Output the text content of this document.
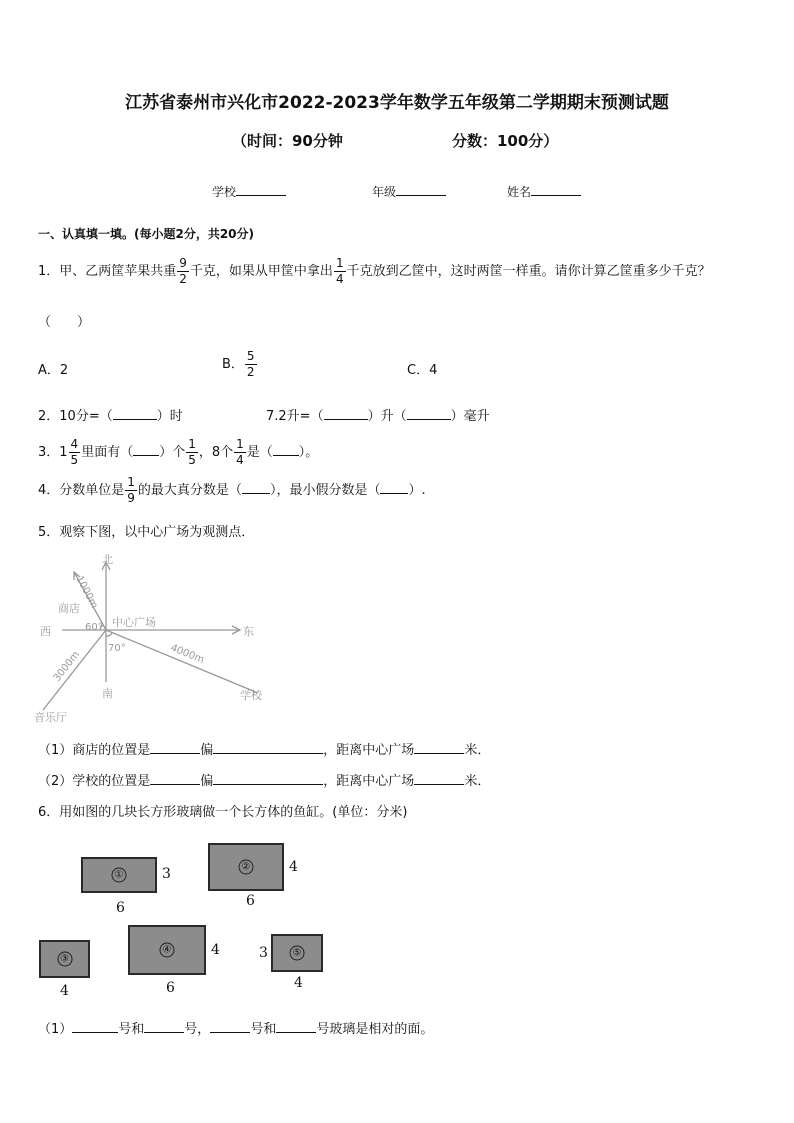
江苏省泰州市兴化市2022-2023学年数学五年级第二学期期末预测试题
（时间：90分钟	分数：100分）
学校	年级	姓名
一、认真填一填。(每小题2分，共20分)
1．甲、乙两筐苹果共重 $\frac{9}{2}$ 千克，如果从甲筐中拿出 $\frac{1}{4}$ 千克放到乙筐中，这时两筐一样重。请你计算乙筐重多少千克？
（　　）
A．2	B． $\frac{5}{2}$	C．4
2．10分=（	）时	7.2升=（	）升（	）毫升
3．$1 \frac{4}{5}$ 里面有（ ）个 $\frac{1}{5}$ ，8个 $\frac{1}{4}$ 是（ ）。
4．分数单位是 $\frac{1}{9}$ 的最大真分数是（ ），最小假分数是（ ）.
5．观察下图，以中心广场为观测点．
北
南
东
西
中心广场
商店
学校
音乐厅
60°
70°
1000m
3000m	4000m
（1）商店的位置是	偏	，距离中心广场	米．
（2）学校的位置是	偏	，距离中心广场	米．
6．用如图的几块长方形玻璃做一个长方体的鱼缸。(单位：分米)
①	3
6
②	4
6
③
4
④	4
6
⑤
3
4
（1）	号和	号，	号和	号玻璃是相对的面。
